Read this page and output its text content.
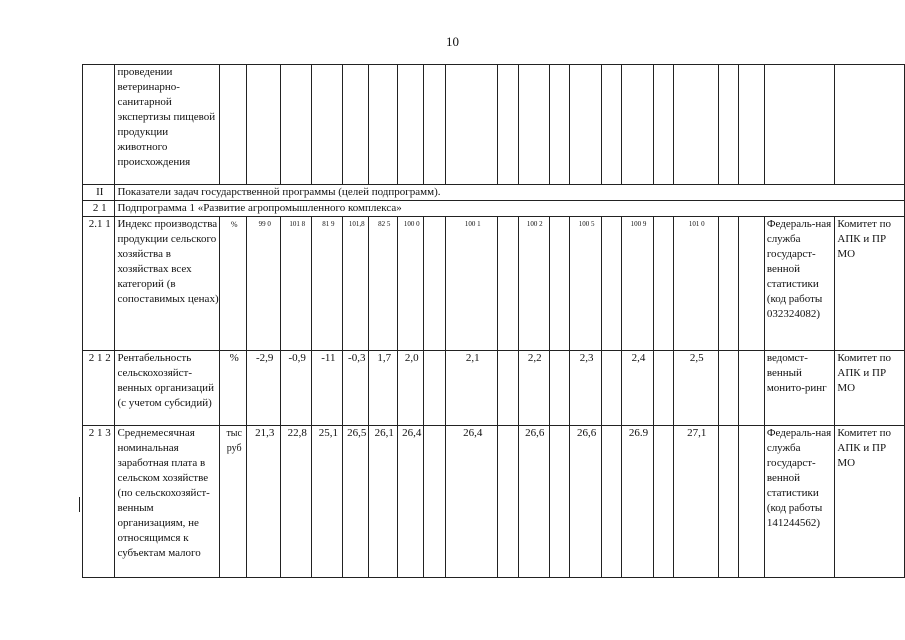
10
	проведении ветеринарно-санитарной экспертизы пищевой продукции животного происхождения																					
II	Показатели задач государственной программы (целей подпрограмм).																					
2 1	Подпрограмма 1 «Развитие агропромышленного комплекса»																					
2.1 1	Индекс производства продукции сельского хозяйства в хозяйствах всех категорий (в сопоставимых ценах)	%	99 0	101 8	81 9	101,8	82 5	100 0		100 1		100 2		100 5		100 9		101 0			Федераль-ная служба государст-венной статистики (код работы 032324082)	Комитет по АПК и ПР МО
2 1 2	Рентабельность сельскохозяйст-венных организаций (с учетом субсидий)	%	-2,9	-0,9	-11	-0,3	1,7	2,0		2,1		2,2		2,3		2,4		2,5			ведомст-венный монито-ринг	Комитет по АПК и ПР МО
2 1 3	Среднемесячная номинальная заработная плата в сельском хозяйстве (по сельскохозяйст-венным организациям, не относящимся к субъектам малого	тыс руб	21,3	22,8	25,1	26,5	26,1	26,4		26,4		26,6		26,6		26.9		27,1			Федераль-ная служба государст-венной статистики (код работы 141244562)	Комитет по АПК и ПР МО
